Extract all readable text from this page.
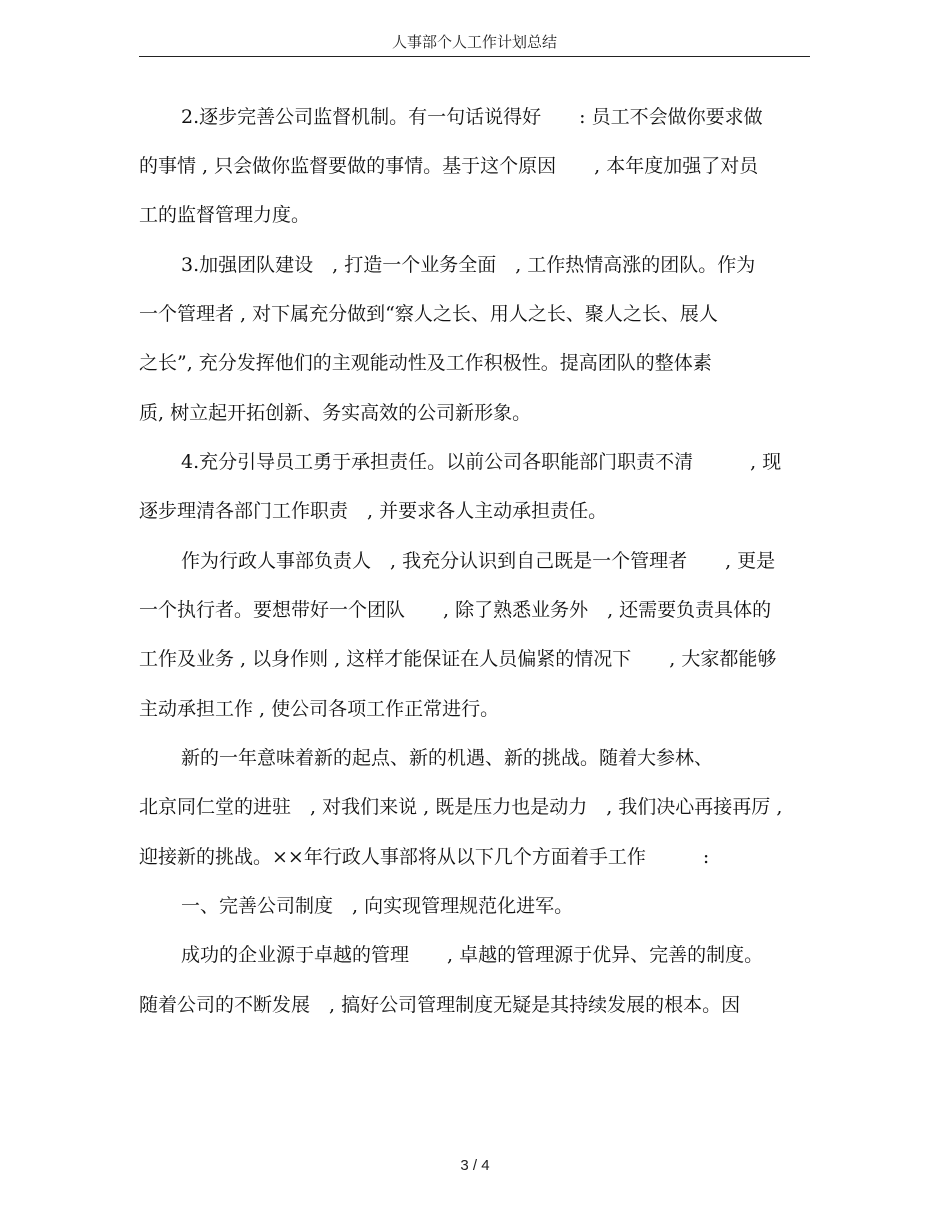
人事部个人工作计划总结
2.逐步完善公司监督机制。有一句话说得好　　: 员工不会做你要求做
的事情 , 只会做你监督要做的事情。基于这个原因　　, 本年度加强了对员
工的监督管理力度。
3.加强团队建设　, 打造一个业务全面　, 工作热情高涨的团队。作为
一个管理者 , 对下属充分做到“察人之长、用人之长、聚人之长、展人
之长”, 充分发挥他们的主观能动性及工作积极性。提高团队的整体素
质, 树立起开拓创新、务实高效的公司新形象。
4.充分引导员工勇于承担责任。以前公司各职能部门职责不清　　　, 现
逐步理清各部门工作职责　, 并要求各人主动承担责任。
作为行政人事部负责人　, 我充分认识到自己既是一个管理者　　, 更是
一个执行者。要想带好一个团队　　, 除了熟悉业务外　, 还需要负责具体的
工作及业务 , 以身作则 , 这样才能保证在人员偏紧的情况下　　, 大家都能够
主动承担工作 , 使公司各项工作正常进行。
新的一年意味着新的起点、新的机遇、新的挑战。随着大参林、
北京同仁堂的进驻　, 对我们来说 , 既是压力也是动力　, 我们决心再接再厉 ,
迎接新的挑战。××年行政人事部将从以下几个方面着手工作　　　:
一、完善公司制度　, 向实现管理规范化进军。
成功的企业源于卓越的管理　　, 卓越的管理源于优异、完善的制度。
随着公司的不断发展　, 搞好公司管理制度无疑是其持续发展的根本。因
3 / 4
